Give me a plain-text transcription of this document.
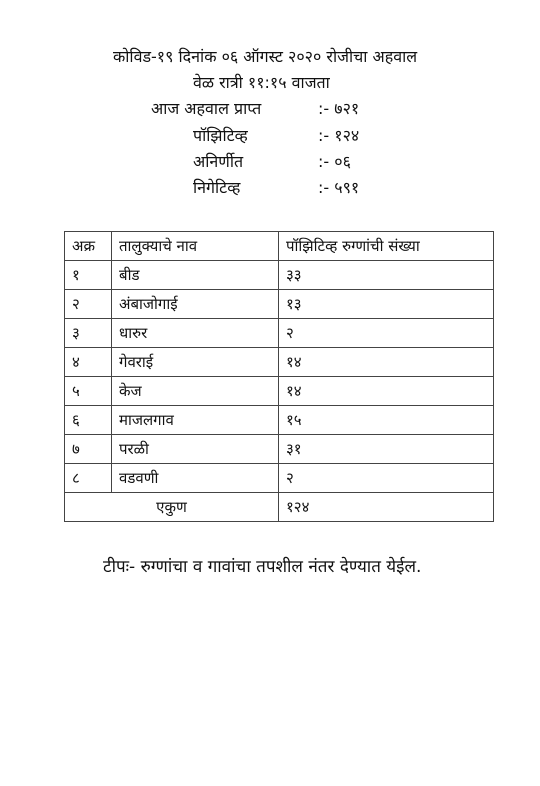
कोविड-१९ दिनांक ०६ ऑगस्ट २०२० रोजीचा अहवाल
वेळ रात्री ११:१५ वाजता
आज अहवाल प्राप्त	:- ७२१
पॉझिटिव्ह	:- १२४
अनिर्णीत	:- ०६
निगेटिव्ह	:- ५९१
अक्र	तालुक्याचे नाव	पॉझिटिव्ह रुग्णांची संख्या
१	बीड	३३
२	अंबाजोगाई	१३
३	धारुर	२
४	गेवराई	१४
५	केज	१४
६	माजलगाव	१५
७	परळी	३१
८	वडवणी	२
एकुण		१२४
टीपः- रुग्णांचा व गावांचा तपशील नंतर देण्यात येईल.
